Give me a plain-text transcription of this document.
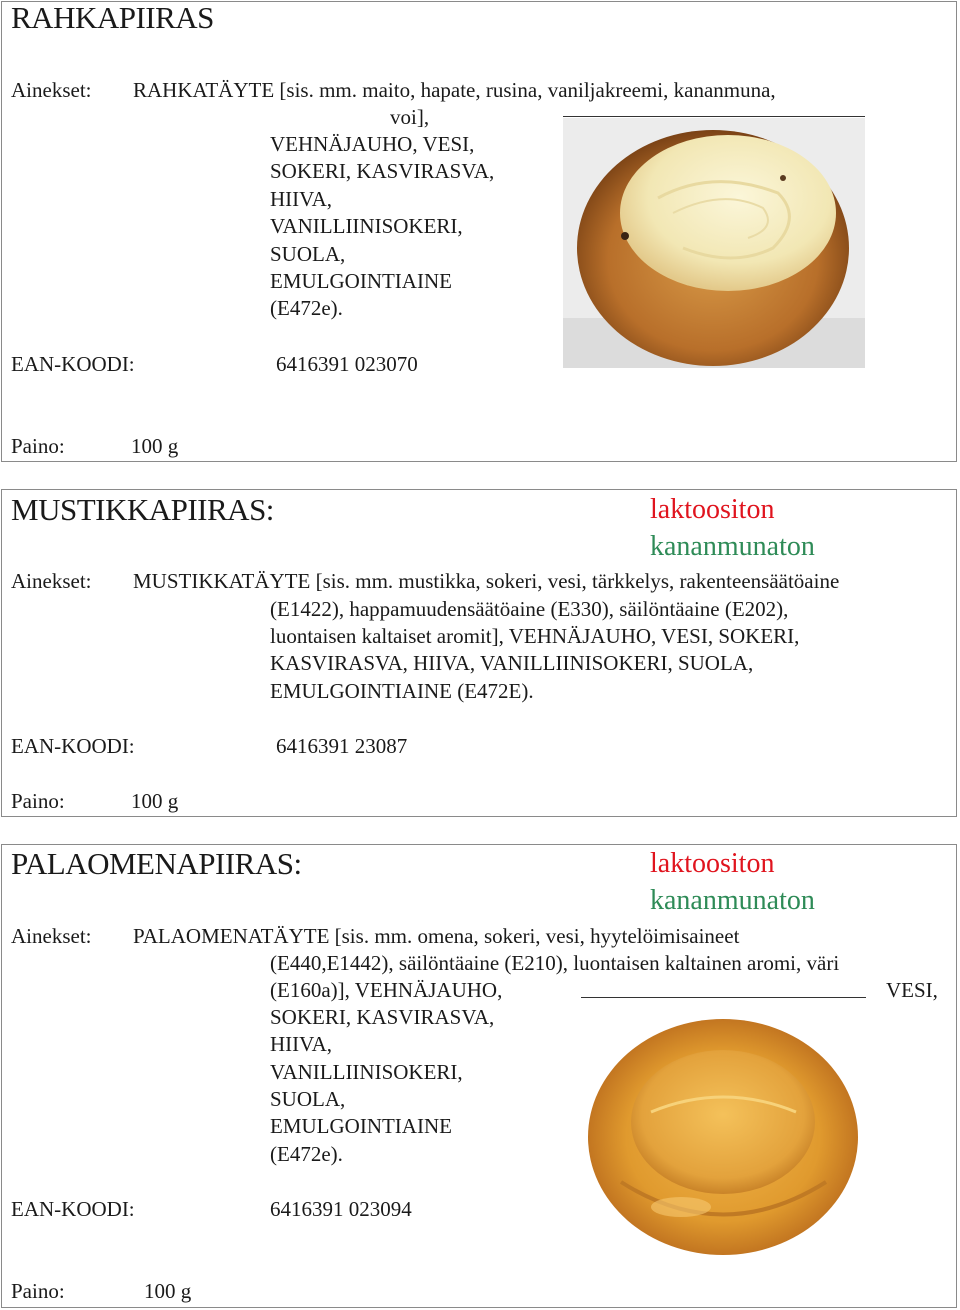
RAHKAPIIRAS
Ainekset: RAHKATÄYTE [sis. mm. maito, hapate, rusina, vaniljakreemi, kananmuna,
voi],
VEHNÄJAUHO, VESI,
SOKERI, KASVIRASVA,
HIIVA,
VANILLIINISOKERI,
SUOLA,
EMULGOINTIAINE
(E472e).
EAN-KOODI:	6416391 023070
Paino:	100 g
MUSTIKKAPIIRAS:	laktoositon
kananmunaton
Ainekset: MUSTIKKATÄYTE [sis. mm. mustikka, sokeri, vesi, tärkkelys, rakenteensäätöaine
(E1422), happamuudensäätöaine (E330), säilöntäaine (E202),
luontaisen kaltaiset aromit], VEHNÄJAUHO, VESI, SOKERI,
KASVIRASVA, HIIVA, VANILLIINISOKERI, SUOLA,
EMULGOINTIAINE (E472E).
EAN-KOODI:	6416391 23087
Paino:	100 g
PALAOMENAPIIRAS:	laktoositon
kananmunaton
Ainekset: PALAOMENATÄYTE [sis. mm. omena, sokeri, vesi, hyytelöimisaineet
(E440,E1442), säilöntäaine (E210), luontaisen kaltainen aromi, väri
(E160a)], VEHNÄJAUHO,	VESI,
SOKERI, KASVIRASVA,
HIIVA,
VANILLIINISOKERI,
SUOLA,
EMULGOINTIAINE
(E472e).
EAN-KOODI:	6416391 023094
Paino:	100 g
